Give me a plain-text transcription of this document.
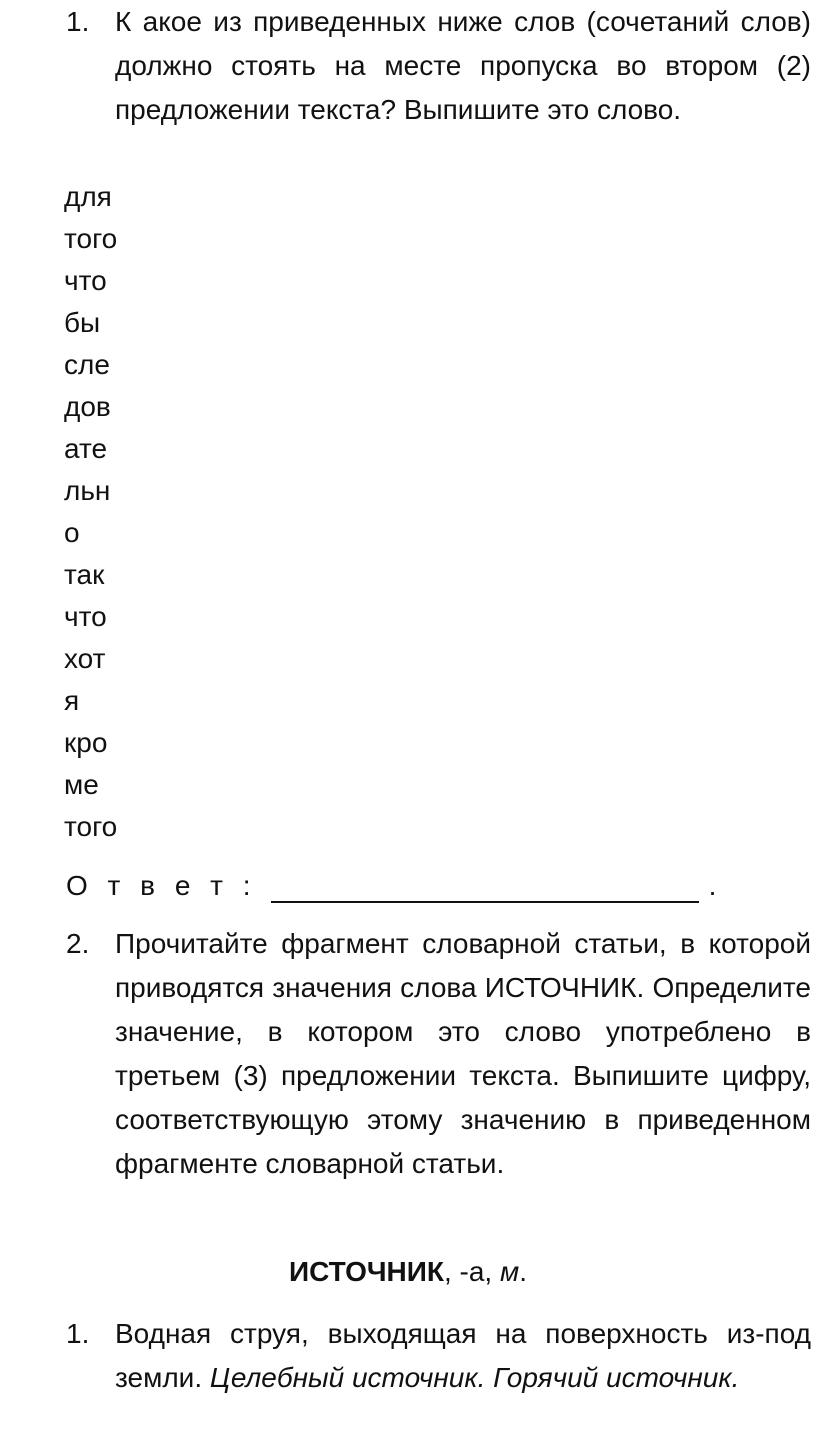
1. К акое из приведенных ниже слов (сочетаний слов) должно стоять на месте пропуска во втором (2) предложении текста? Выпишите это слово.
для
того
что
бы
сле
дов
ате
льн
о
так
что
хот
я
кро
ме
того
О т в е т :	.
2. Прочитайте фрагмент словарной статьи, в которой приводятся значения слова ИСТОЧНИК. Определите значение, в котором это слово употреблено в третьем (3) предложении текста. Выпишите цифру, соответствующую этому значению в приведенном фрагменте словарной статьи.
ИСТОЧНИК, -а, м.
1. Водная струя, выходящая на поверхность из-под земли. Целебный источник. Горячий источник.
